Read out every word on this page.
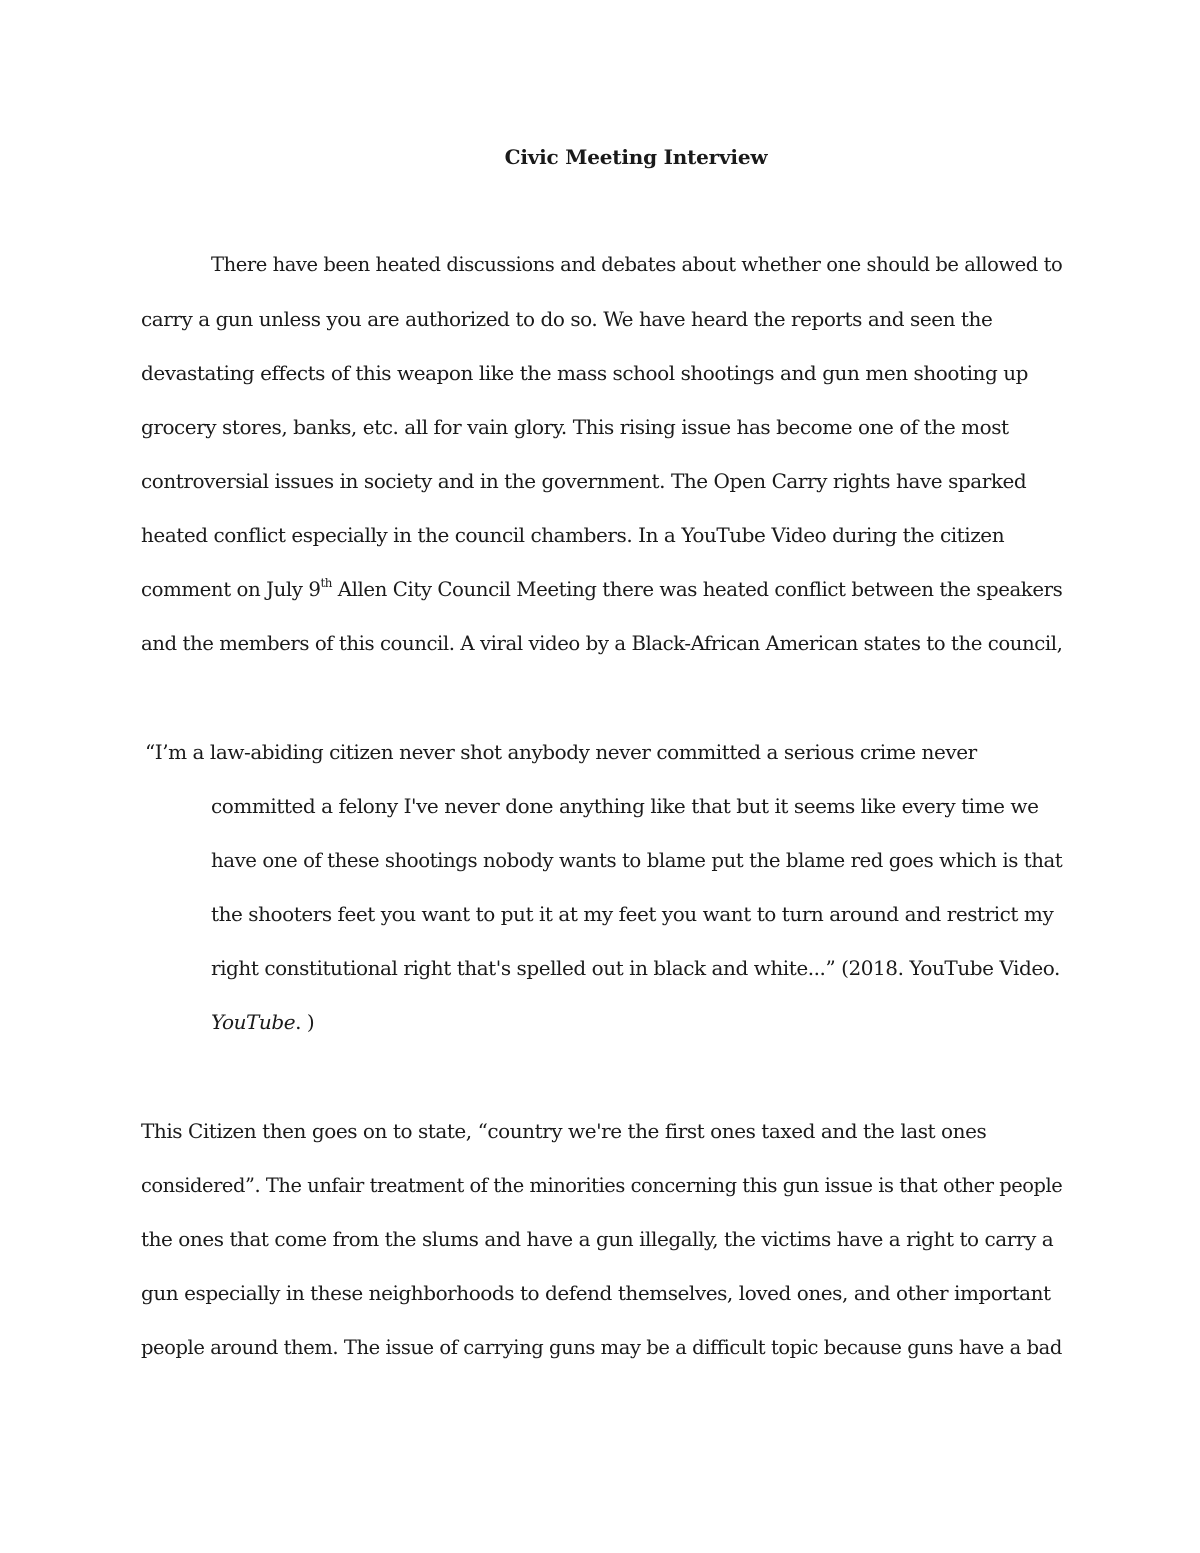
Civic Meeting Interview
There have been heated discussions and debates about whether one should be allowed to
carry a gun unless you are authorized to do so. We have heard the reports and seen the
devastating effects of this weapon like the mass school shootings and gun men shooting up
grocery stores, banks, etc. all for vain glory. This rising issue has become one of the most
controversial issues in society and in the government. The Open Carry rights have sparked
heated conflict especially in the council chambers. In a YouTube Video during the citizen
comment on July 9th Allen City Council Meeting there was heated conflict between the speakers
and the members of this council. A viral video by a Black-African American states to the council,
“I’m a law-abiding citizen never shot anybody never committed a serious crime never
committed a felony I've never done anything like that but it seems like every time we
have one of these shootings nobody wants to blame put the blame red goes which is that
the shooters feet you want to put it at my feet you want to turn around and restrict my
right constitutional right that's spelled out in black and white...” (2018. YouTube Video.
YouTube. )
This Citizen then goes on to state, “country we're the first ones taxed and the last ones
considered”. The unfair treatment of the minorities concerning this gun issue is that other people
the ones that come from the slums and have a gun illegally, the victims have a right to carry a
gun especially in these neighborhoods to defend themselves, loved ones, and other important
people around them. The issue of carrying guns may be a difficult topic because guns have a bad
